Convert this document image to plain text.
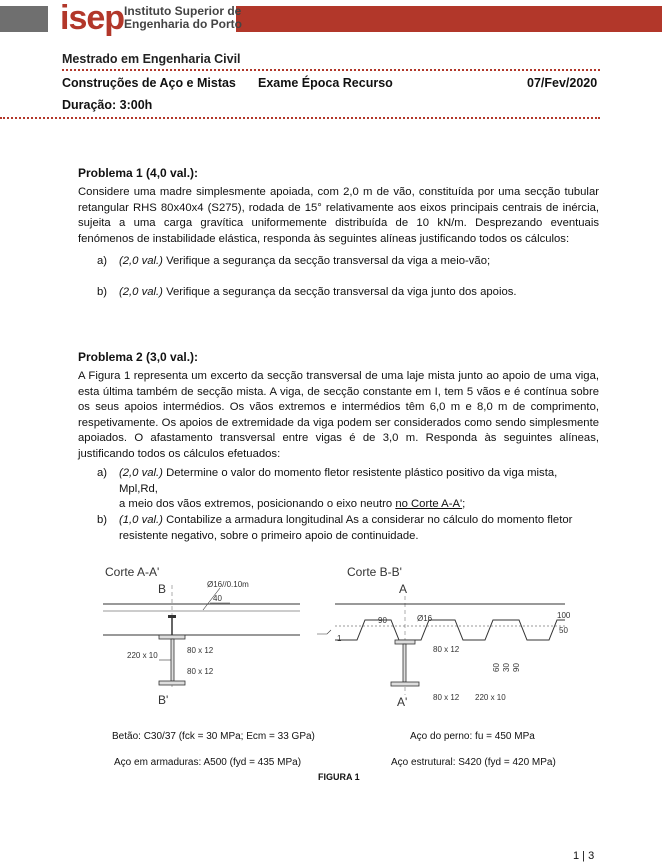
isep Instituto Superior de
Engenharia do Porto
Mestrado em Engenharia Civil
Construções de Aço e Mistas Exame Época Recurso	07/Fev/2020
Duração: 3:00h
Problema 1 (4,0 val.):
Considere uma madre simplesmente apoiada, com 2,0 m de vão, constituída por uma secção tubular retangular RHS 80x40x4 (S275), rodada de 15° relativamente aos eixos principais centrais de inércia, sujeita a uma carga gravítica uniformemente distribuída de 10 kN/m. Desprezando eventuais fenómenos de instabilidade elástica, responda às seguintes alíneas justificando todos os cálculos:
a) (2,0 val.) Verifique a segurança da secção transversal da viga a meio-vão;
b) (2,0 val.) Verifique a segurança da secção transversal da viga junto dos apoios.
Problema 2 (3,0 val.):
A Figura 1 representa um excerto da secção transversal de uma laje mista junto ao apoio de uma viga, esta última também de secção mista. A viga, de secção constante em I, tem 5 vãos e é contínua sobre os seus apoios intermédios. Os vãos extremos e intermédios têm 6,0 m e 8,0 m de comprimento, respetivamente. Os apoios de extremidade da viga podem ser considerados como sendo simplesmente apoiados. O afastamento transversal entre vigas é de 3,0 m. Responda às seguintes alíneas, justificando todos os cálculos efetuados:
a) (2,0 val.) Determine o valor do momento fletor resistente plástico positivo da viga mista, Mpl,Rd,
a meio dos vãos extremos, posicionando o eixo neutro no Corte A-A';
b) (1,0 val.) Contabilize a armadura longitudinal As a considerar no cálculo do momento fletor
resistente negativo, sobre o primeiro apoio de continuidade.
Corte A-A'
B	Ø16//0.10m
40
80 x 12
220 x 10
80 x 12
B'
Corte B-B'
A
90	Ø16	100
50
1
80 x 12
60 30 90
80 x 12 220 x 10
A'
Betão: C30/37 (fck = 30 MPa; Ecm = 33 GPa)	Aço do perno: fu = 450 MPa
Aço em armaduras: A500 (fyd = 435 MPa)	Aço estrutural: S420 (fyd = 420 MPa)
FIGURA 1
1 | 3
